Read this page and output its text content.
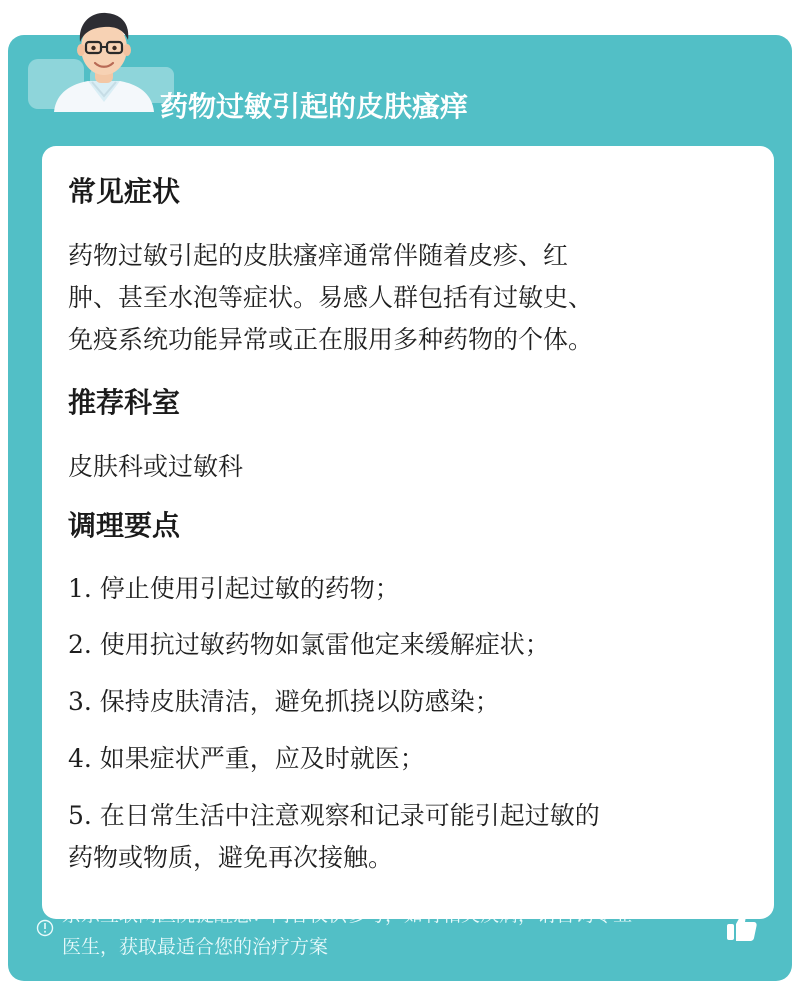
药物过敏引起的皮肤瘙痒
常见症状
药物过敏引起的皮肤瘙痒通常伴随着皮疹、红
肿、甚至水泡等症状。易感人群包括有过敏史、
免疫系统功能异常或正在服用多种药物的个体。
推荐科室
皮肤科或过敏科
调理要点
1. 停止使用引起过敏的药物；
2. 使用抗过敏药物如氯雷他定来缓解症状；
3. 保持皮肤清洁，避免抓挠以防感染；
4. 如果症状严重，应及时就医；
5. 在日常生活中注意观察和记录可能引起过敏的
药物或物质，避免再次接触。
医生，获取最适合您的治疗方案
